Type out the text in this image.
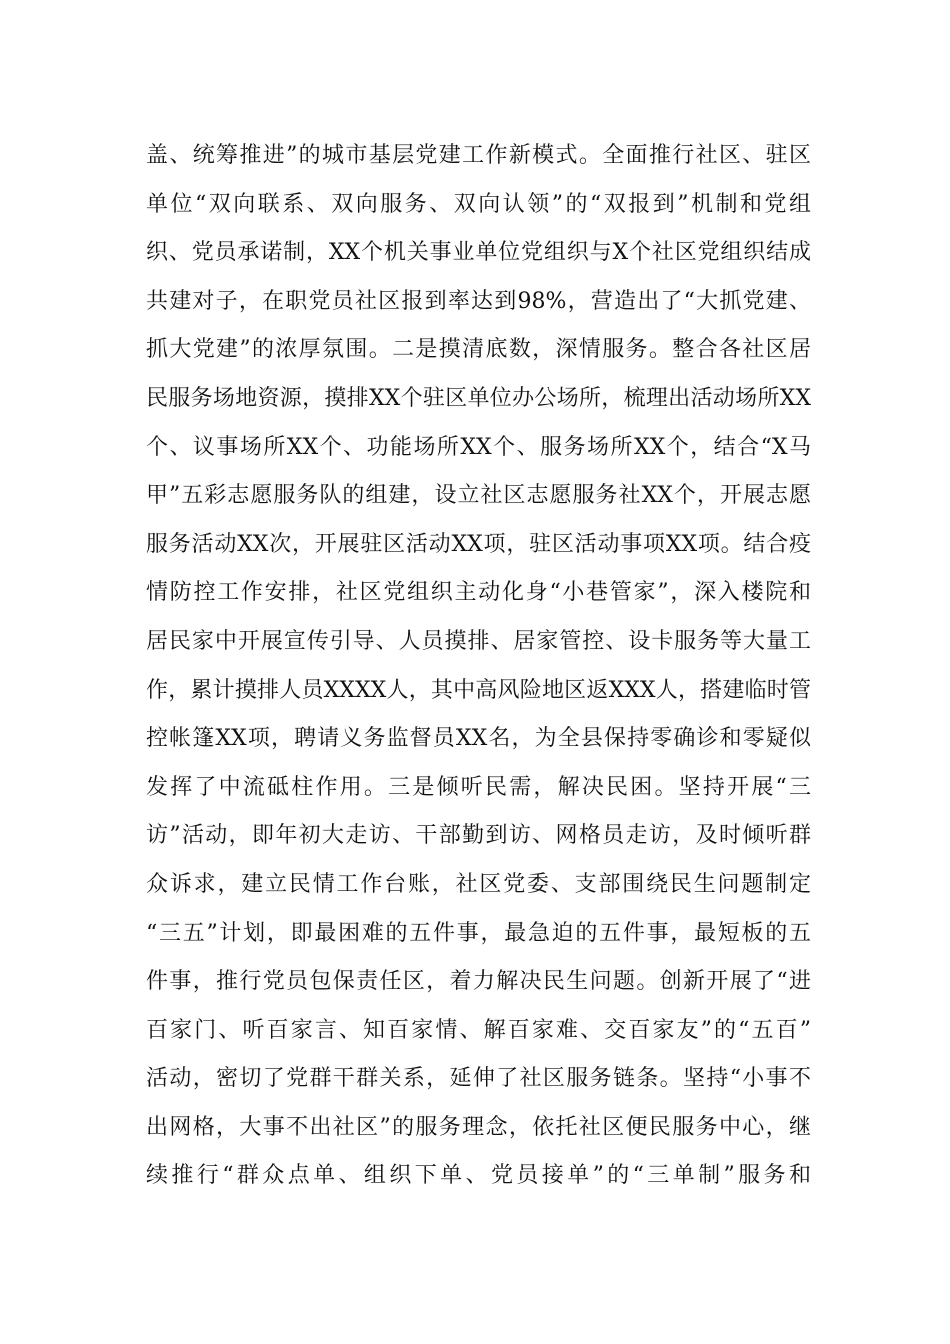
盖、统筹推进”的城市基层党建工作新模式。全面推行社区、驻区
单位“双向联系、双向服务、双向认领”的“双报到”机制和党组
织、党员承诺制，XX个机关事业单位党组织与X个社区党组织结成
共建对子，在职党员社区报到率达到98%，营造出了“大抓党建、
抓大党建”的浓厚氛围。二是摸清底数，深情服务。整合各社区居
民服务场地资源，摸排XX个驻区单位办公场所，梳理出活动场所XX
个、议事场所XX个、功能场所XX个、服务场所XX个，结合“X马
甲”五彩志愿服务队的组建，设立社区志愿服务社XX个，开展志愿
服务活动XX次，开展驻区活动XX项，驻区活动事项XX项。结合疫
情防控工作安排，社区党组织主动化身“小巷管家”，深入楼院和
居民家中开展宣传引导、人员摸排、居家管控、设卡服务等大量工
作，累计摸排人员XXXX人，其中高风险地区返XXX人，搭建临时管
控帐篷XX项，聘请义务监督员XX名，为全县保持零确诊和零疑似
发挥了中流砥柱作用。三是倾听民需，解决民困。坚持开展“三
访”活动，即年初大走访、干部勤到访、网格员走访，及时倾听群
众诉求，建立民情工作台账，社区党委、支部围绕民生问题制定
“三五”计划，即最困难的五件事，最急迫的五件事，最短板的五
件事，推行党员包保责任区，着力解决民生问题。创新开展了“进
百家门、听百家言、知百家情、解百家难、交百家友”的“五百”
活动，密切了党群干群关系，延伸了社区服务链条。坚持“小事不
出网格，大事不出社区”的服务理念，依托社区便民服务中心，继
续推行“群众点单、组织下单、党员接单”的“三单制”服务和
